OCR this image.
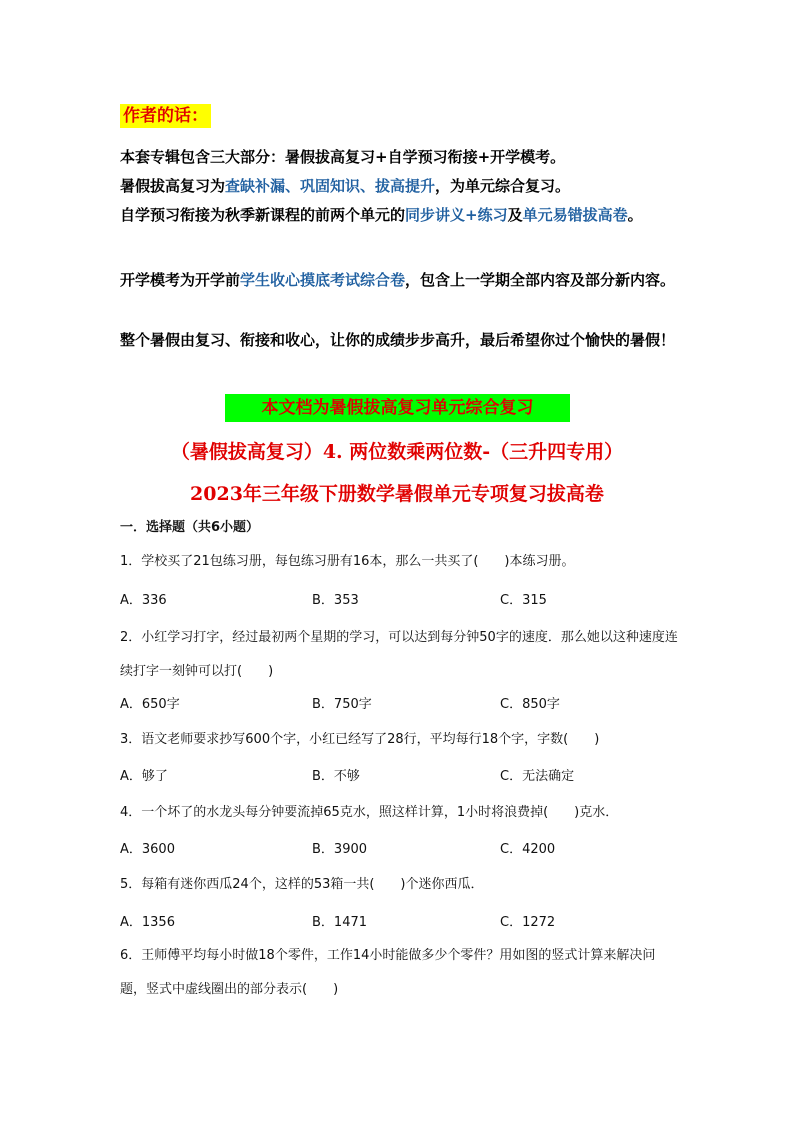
作者的话：
本套专辑包含三大部分：暑假拔高复习+自学预习衔接+开学模考。
暑假拔高复习为查缺补漏、巩固知识、拔高提升，为单元综合复习。
自学预习衔接为秋季新课程的前两个单元的同步讲义+练习及单元易错拔高卷。
开学模考为开学前学生收心摸底考试综合卷，包含上一学期全部内容及部分新内容。
整个暑假由复习、衔接和收心，让你的成绩步步高升，最后希望你过个愉快的暑假！
本文档为暑假拔高复习单元综合复习
（暑假拔高复习）4. 两位数乘两位数-（三升四专用）
2023年三年级下册数学暑假单元专项复习拔高卷
一．选择题（共6小题）
1．学校买了21包练习册，每包练习册有16本，那么一共买了(　　)本练习册。
A．336	B．353	C．315
2．小红学习打字，经过最初两个星期的学习，可以达到每分钟50字的速度．那么她以这种速度连续打字一刻钟可以打(　　)
A．650字	B．750字	C．850字
3．语文老师要求抄写600个字，小红已经写了28行，平均每行18个字，字数(　　)
A．够了	B．不够	C．无法确定
4．一个坏了的水龙头每分钟要流掉65克水，照这样计算，1小时将浪费掉(　　)克水．
A．3600	B．3900	C．4200
5．每箱有迷你西瓜24个，这样的53箱一共(　　)个迷你西瓜．
A．1356	B．1471	C．1272
6．王师傅平均每小时做18个零件，工作14小时能做多少个零件？用如图的竖式计算来解决问题，竖式中虚线圈出的部分表示(　　)
